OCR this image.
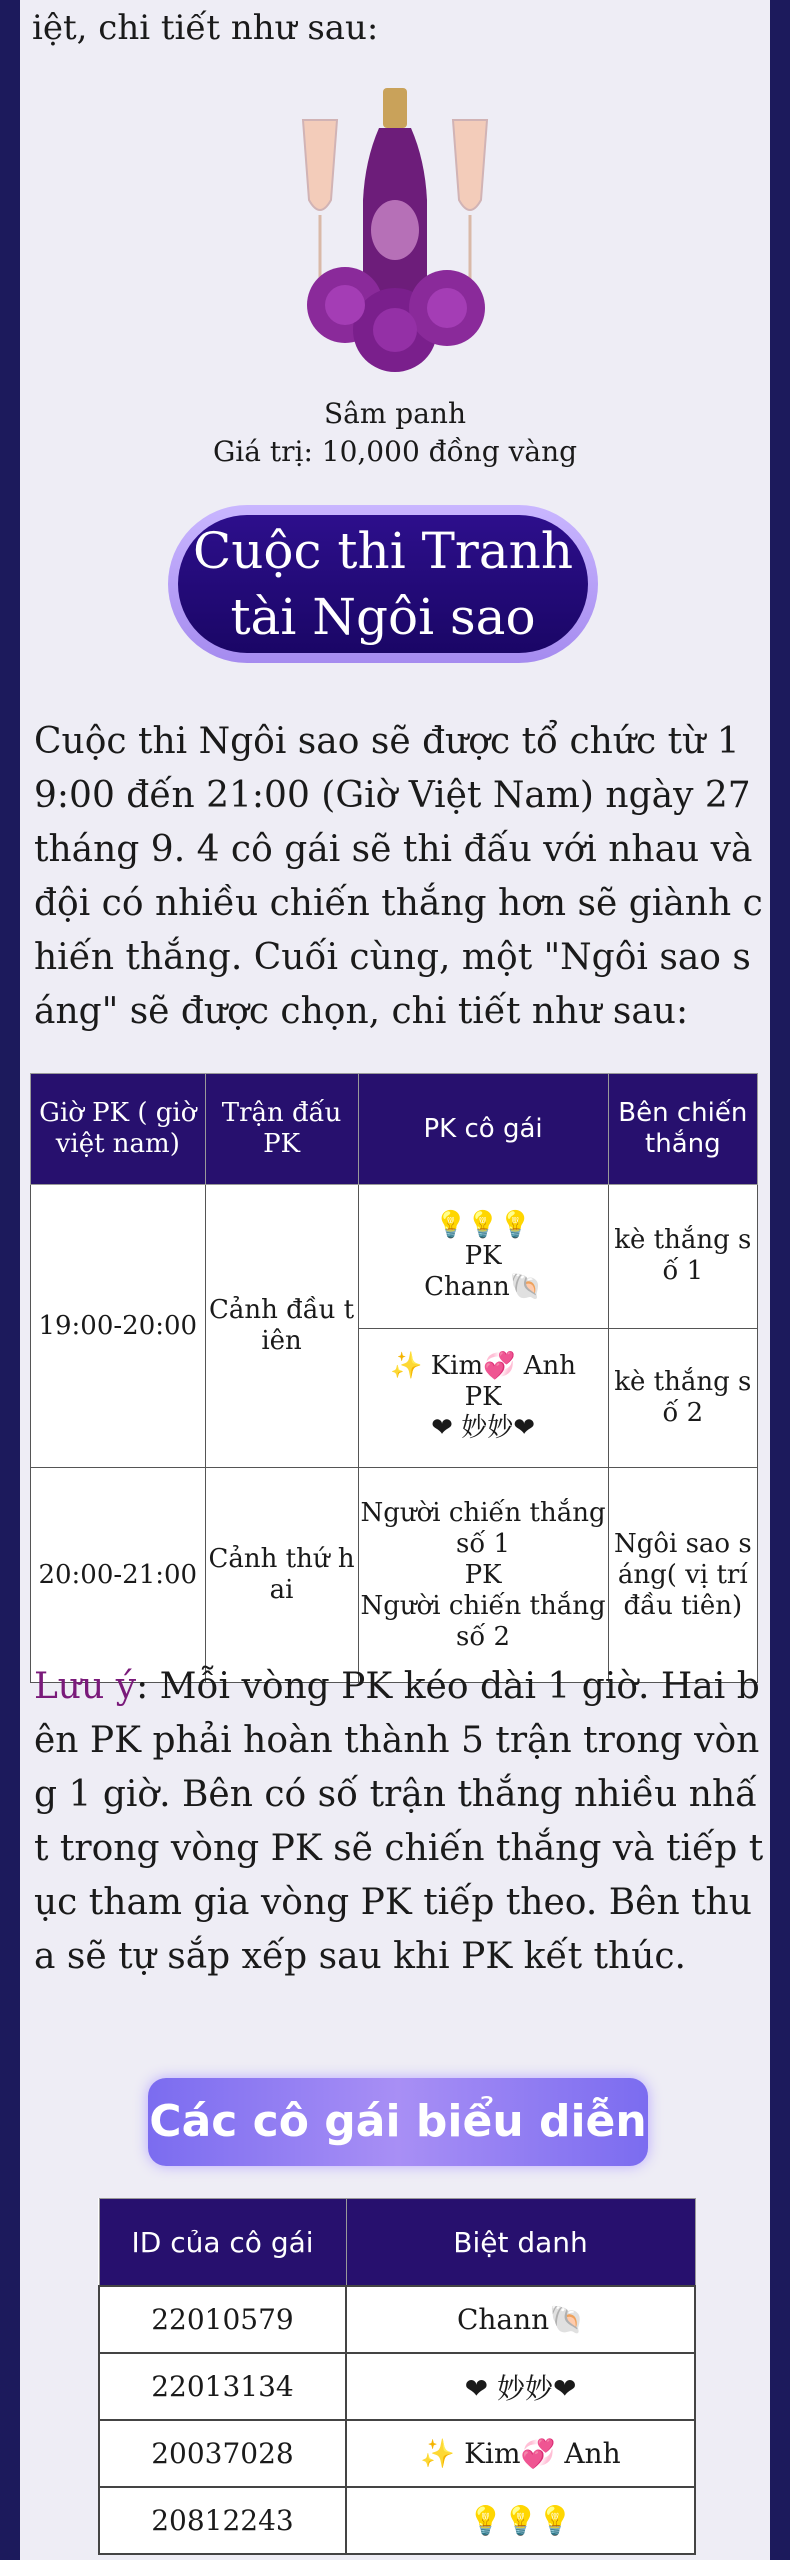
iệt, chi tiết như sau:

Sâm panh
Giá trị: 10,000 đồng vàng
Cuộc thi Tranh tài Ngôi sao

Cuộc thi Ngôi sao sẽ được tổ chức từ 19:00 đến 21:00 (Giờ Việt Nam) ngày 27 tháng 9. 4 cô gái sẽ thi đấu với nhau và đội có nhiều chiến thắng hơn sẽ giành chiến thắng. Cuối cùng, một "Ngôi sao sáng" sẽ được chọn, chi tiết như sau:

Giờ PK ( giờ việt nam)	Trận đấu PK	PK cô gái	Bên chiến thắng
19:00-20:00	Cảnh đầu tiên	💡💡💡
PK
Chann🐚	kè thắng số 1

		✨ Kim💞 Anh
PK
❤ 妙妙❤	kè thắng số 2
20:00-21:00	Cảnh thứ hai	Người chiến thắng số 1
PK
Người chiến thắng số 2	Ngôi sao sáng( vị trí đầu tiên)

Lưu ý: Mỗi vòng PK kéo dài 1 giờ. Hai bên PK phải hoàn thành 5 trận trong vòng 1 giờ. Bên có số trận thắng nhiều nhất trong vòng PK sẽ chiến thắng và tiếp tục tham gia vòng PK tiếp theo. Bên thua sẽ tự sắp xếp sau khi PK kết thúc.

Các cô gái biểu diễn
ID của cô gái	Biệt danh
22010579	Chann🐚
22013134	❤ 妙妙❤
20037028	✨ Kim💞 Anh
20812243	💡💡💡
